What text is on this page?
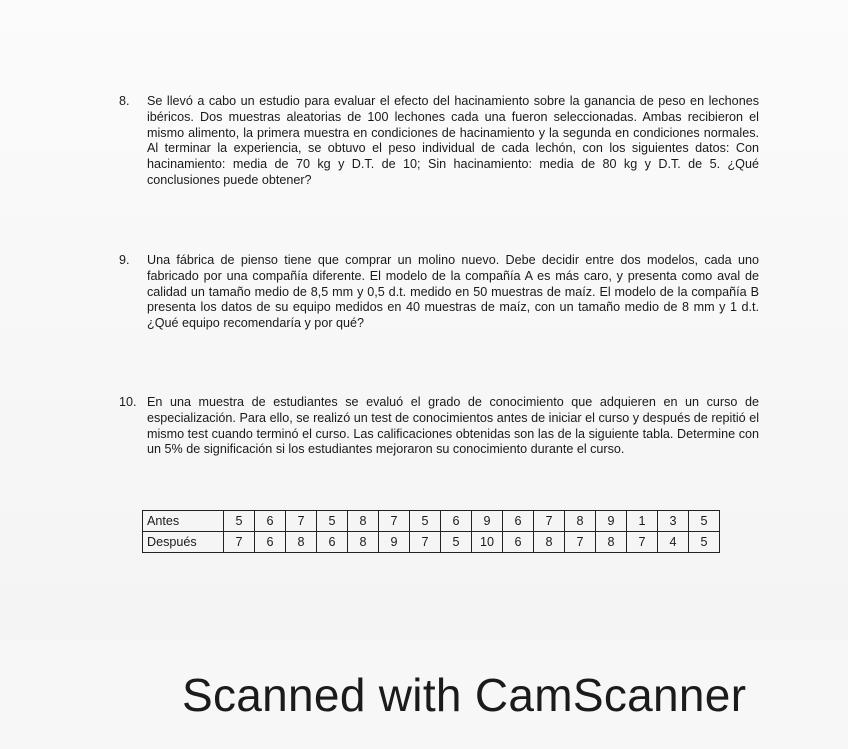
8.	Se llevó a cabo un estudio para evaluar el efecto del hacinamiento sobre la ganancia de peso en lechones ibéricos. Dos muestras aleatorias de 100 lechones cada una fueron seleccionadas. Ambas recibieron el mismo alimento, la primera muestra en condiciones de hacinamiento y la segunda en condiciones normales. Al terminar la experiencia, se obtuvo el peso individual de cada lechón, con los siguientes datos: Con hacinamiento: media de 70 kg y D.T. de 10; Sin hacinamiento: media de 80 kg y D.T. de 5. ¿Qué conclusiones puede obtener?
9.	Una fábrica de pienso tiene que comprar un molino nuevo. Debe decidir entre dos modelos, cada uno fabricado por una compañía diferente. El modelo de la compañía A es más caro, y presenta como aval de calidad un tamaño medio de 8,5 mm y 0,5 d.t. medido en 50 muestras de maíz. El modelo de la compañía B presenta los datos de su equipo medidos en 40 muestras de maíz, con un tamaño medio de 8 mm y 1 d.t. ¿Qué equipo recomendaría y por qué?
10. En una muestra de estudiantes se evaluó el grado de conocimiento que adquieren en un curso de especialización. Para ello, se realizó un test de conocimientos antes de iniciar el curso y después de repitió el mismo test cuando terminó el curso. Las calificaciones obtenidas son las de la siguiente tabla. Determine con un 5% de significación si los estudiantes mejoraron su conocimiento durante el curso.
Antes	5	6	7	5	8	7	5	6	9	6	7	8	9	1	3	5
Después	7	6	8	6	8	9	7	5	10	6	8	7	8	7	4	5
Scanned with CamScanner
